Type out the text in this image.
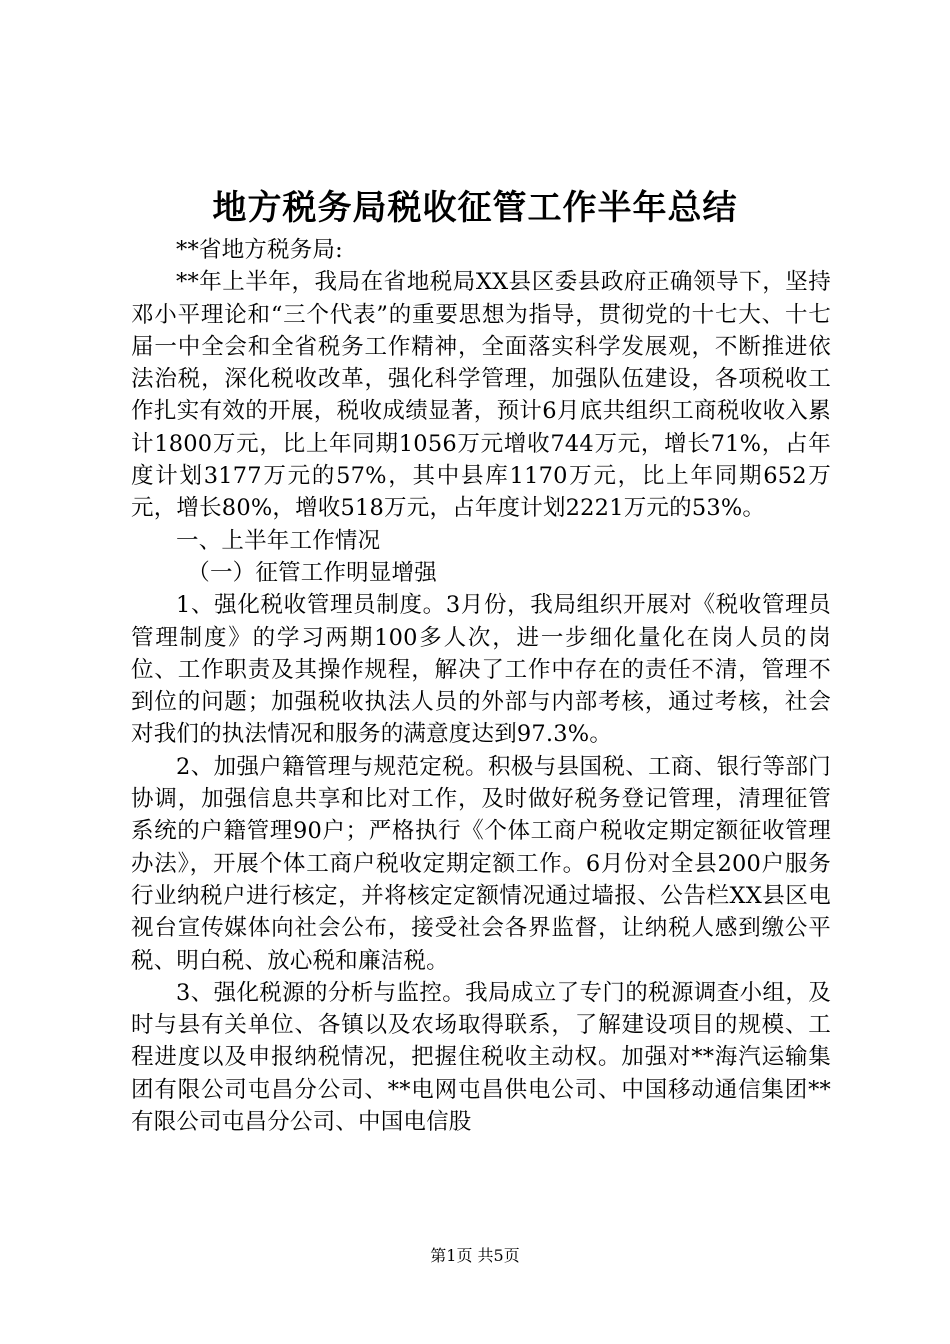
地方税务局税收征管工作半年总结

**省地方税务局:

**年上半年，我局在省地税局XX县区委县政府正确领导下，坚持邓小平理论和“三个代表”的重要思想为指导，贯彻党的十七大、十七届一中全会和全省税务工作精神，全面落实科学发展观，不断推进依法治税，深化税收改革，强化科学管理，加强队伍建设，各项税收工作扎实有效的开展，税收成绩显著，预计6月底共组织工商税收收入累计1800万元，比上年同期1056万元增收744万元，增长71%，占年度计划3177万元的57%，其中县库1170万元，比上年同期652万元，增长80%，增收518万元，占年度计划2221万元的53%。

一、上半年工作情况

（一）征管工作明显增强

1、强化税收管理员制度。3月份，我局组织开展对《税收管理员管理制度》的学习两期100多人次，进一步细化量化在岗人员的岗位、工作职责及其操作规程，解决了工作中存在的责任不清，管理不到位的问题；加强税收执法人员的外部与内部考核，通过考核，社会对我们的执法情况和服务的满意度达到97.3%。

2、加强户籍管理与规范定税。积极与县国税、工商、银行等部门协调，加强信息共享和比对工作，及时做好税务登记管理，清理征管系统的户籍管理90户；严格执行《个体工商户税收定期定额征收管理办法》，开展个体工商户税收定期定额工作。6月份对全县200户服务行业纳税户进行核定，并将核定定额情况通过墙报、公告栏XX县区电视台宣传媒体向社会公布，接受社会各界监督，让纳税人感到缴公平税、明白税、放心税和廉洁税。

3、强化税源的分析与监控。我局成立了专门的税源调查小组，及时与县有关单位、各镇以及农场取得联系，了解建设项目的规模、工程进度以及申报纳税情况，把握住税收主动权。加强对**海汽运输集团有限公司屯昌分公司、**电网屯昌供电公司、中国移动通信集团**有限公司屯昌分公司、中国电信股

第1页 共5页
